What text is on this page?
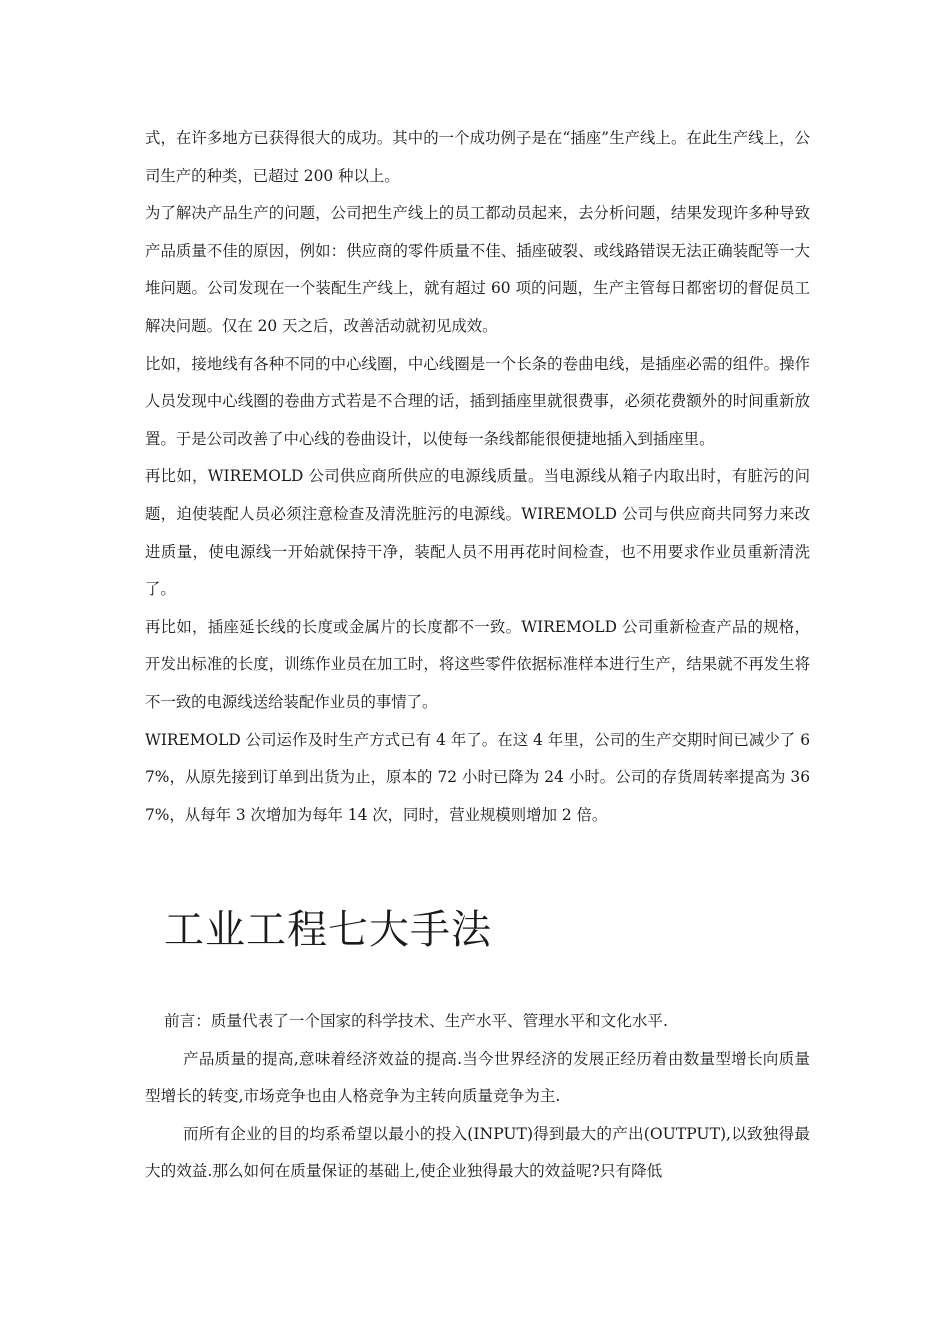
式，在许多地方已获得很大的成功。其中的一个成功例子是在“插座”生产线上。在此生产线上，公司生产的种类，已超过 200 种以上。

为了解决产品生产的问题，公司把生产线上的员工都动员起来，去分析问题，结果发现许多种导致产品质量不佳的原因，例如：供应商的零件质量不佳、插座破裂、或线路错误无法正确装配等一大堆问题。公司发现在一个装配生产线上，就有超过 60 项的问题，生产主管每日都密切的督促员工解决问题。仅在 20 天之后，改善活动就初见成效。

比如，接地线有各种不同的中心线圈，中心线圈是一个长条的卷曲电线，是插座必需的组件。操作人员发现中心线圈的卷曲方式若是不合理的话，插到插座里就很费事，必须花费额外的时间重新放置。于是公司改善了中心线的卷曲设计，以使每一条线都能很便捷地插入到插座里。

再比如，WIREMOLD 公司供应商所供应的电源线质量。当电源线从箱子内取出时，有脏污的问题，迫使装配人员必须注意检查及清洗脏污的电源线。WIREMOLD 公司与供应商共同努力来改进质量，使电源线一开始就保持干净，装配人员不用再花时间检查，也不用要求作业员重新清洗了。

再比如，插座延长线的长度或金属片的长度都不一致。WIREMOLD 公司重新检查产品的规格，开发出标准的长度，训练作业员在加工时，将这些零件依据标准样本进行生产，结果就不再发生将不一致的电源线送给装配作业员的事情了。

WIREMOLD 公司运作及时生产方式已有 4 年了。在这 4 年里，公司的生产交期时间已减少了 67%，从原先接到订单到出货为止，原本的 72 小时已降为 24 小时。公司的存货周转率提高为 367%，从每年 3 次增加为每年 14 次，同时，营业规模则增加 2 倍。

工业工程七大手法

前言：质量代表了一个国家的科学技术、生产水平、管理水平和文化水平.

产品质量的提高,意味着经济效益的提高.当今世界经济的发展正经历着由数量型增长向质量型增长的转变,市场竞争也由人格竞争为主转向质量竞争为主.

而所有企业的目的均系希望以最小的投入(INPUT)得到最大的产出(OUTPUT),以致独得最大的效益.那么如何在质量保证的基础上,使企业独得最大的效益呢?只有降低
